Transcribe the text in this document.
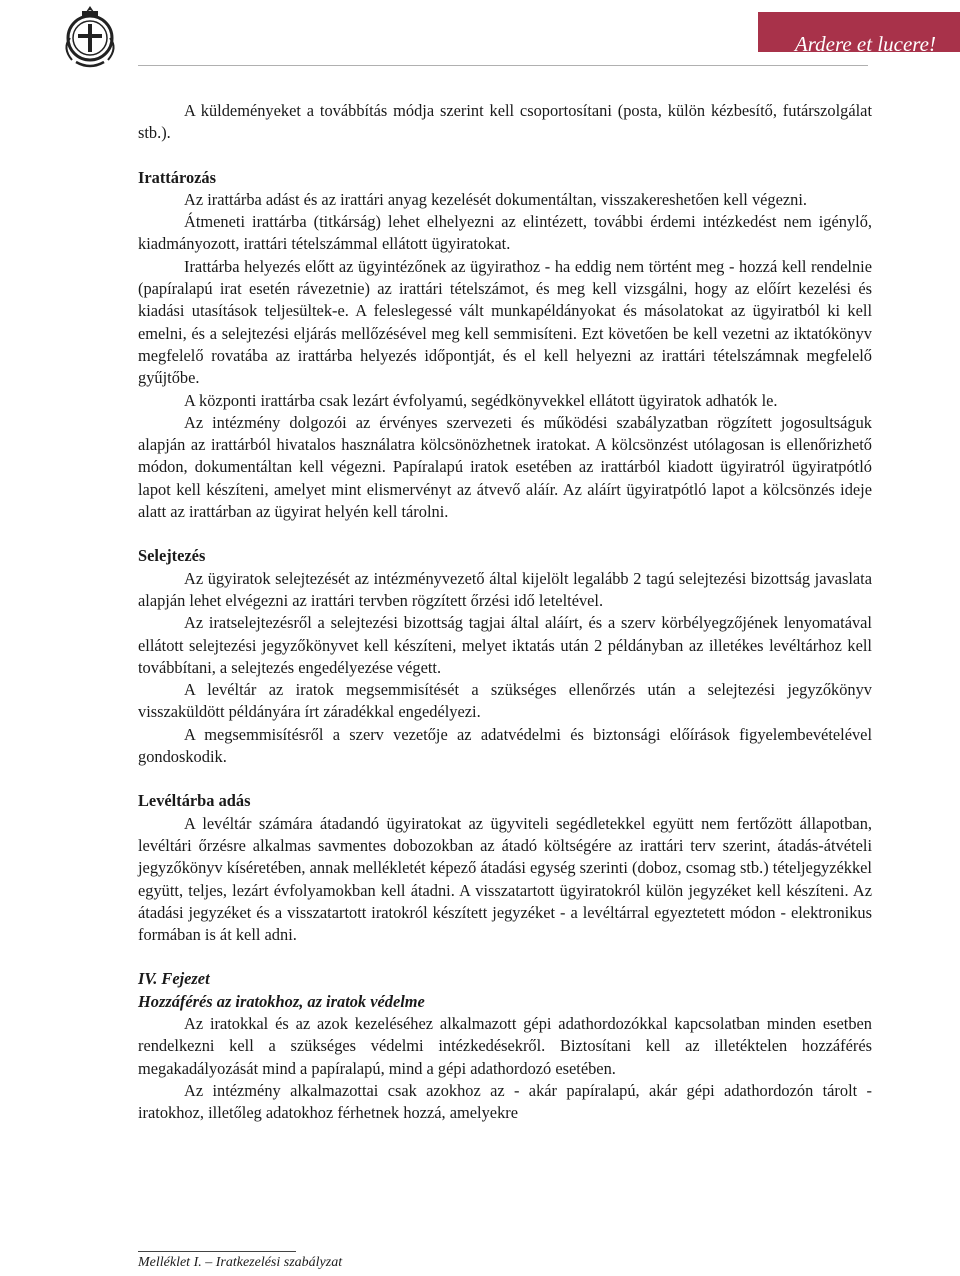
Ardere et lucere!

A küldeményeket a továbbítás módja szerint kell csoportosítani (posta, külön kézbesítő, futárszolgálat stb.).

Irattározás

Az irattárba adást és az irattári anyag kezelését dokumentáltan, visszakereshetően kell végezni.

Átmeneti irattárba (titkárság) lehet elhelyezni az elintézett, további érdemi intézkedést nem igénylő, kiadmányozott, irattári tételszámmal ellátott ügyiratokat.

Irattárba helyezés előtt az ügyintézőnek az ügyirathoz - ha eddig nem történt meg - hozzá kell rendelnie (papíralapú irat esetén rávezetnie) az irattári tételszámot, és meg kell vizsgálni, hogy az előírt kezelési és kiadási utasítások teljesültek-e. A feleslegessé vált munkapéldányokat és másolatokat az ügyiratból ki kell emelni, és a selejtezési eljárás mellőzésével meg kell semmisíteni. Ezt követően be kell vezetni az iktatókönyv megfelelő rovatába az irattárba helyezés időpontját, és el kell helyezni az irattári tételszámnak megfelelő gyűjtőbe.

A központi irattárba csak lezárt évfolyamú, segédkönyvekkel ellátott ügyiratok adhatók le.

Az intézmény dolgozói az érvényes szervezeti és működési szabályzatban rögzített jogosultságuk alapján az irattárból hivatalos használatra kölcsönözhetnek iratokat. A kölcsönzést utólagosan is ellenőrizhető módon, dokumentáltan kell végezni. Papíralapú iratok esetében az irattárból kiadott ügyiratról ügyiratpótló lapot kell készíteni, amelyet mint elismervényt az átvevő aláír. Az aláírt ügyiratpótló lapot a kölcsönzés ideje alatt az irattárban az ügyirat helyén kell tárolni.

Selejtezés

Az ügyiratok selejtezését az intézményvezető által kijelölt legalább 2 tagú selejtezési bizottság javaslata alapján lehet elvégezni az irattári tervben rögzített őrzési idő leteltével.

Az iratselejtezésről a selejtezési bizottság tagjai által aláírt, és a szerv körbélyegzőjének lenyomatával ellátott selejtezési jegyzőkönyvet kell készíteni, melyet iktatás után 2 példányban az illetékes levéltárhoz kell továbbítani, a selejtezés engedélyezése végett.

A levéltár az iratok megsemmisítését a szükséges ellenőrzés után a selejtezési jegyzőkönyv visszaküldött példányára írt záradékkal engedélyezi.

A megsemmisítésről a szerv vezetője az adatvédelmi és biztonsági előírások figyelembevételével gondoskodik.

Levéltárba adás

A levéltár számára átadandó ügyiratokat az ügyviteli segédletekkel együtt nem fertőzött állapotban, levéltári őrzésre alkalmas savmentes dobozokban az átadó költségére az irattári terv szerint, átadás-átvételi jegyzőkönyv kíséretében, annak mellékletét képező átadási egység szerinti (doboz, csomag stb.) tételjegyzékkel együtt, teljes, lezárt évfolyamokban kell átadni. A visszatartott ügyiratokról külön jegyzéket kell készíteni. Az átadási jegyzéket és a visszatartott iratokról készített jegyzéket - a levéltárral egyeztetett módon - elektronikus formában is át kell adni.

IV. Fejezet

Hozzáférés az iratokhoz, az iratok védelme

Az iratokkal és az azok kezeléséhez alkalmazott gépi adathordozókkal kapcsolatban minden esetben rendelkezni kell a szükséges védelmi intézkedésekről. Biztosítani kell az illetéktelen hozzáférés megakadályozását mind a papíralapú, mind a gépi adathordozó esetében.

Az intézmény alkalmazottai csak azokhoz az - akár papíralapú, akár gépi adathordozón tárolt - iratokhoz, illetőleg adatokhoz férhetnek hozzá, amelyekre

Melléklet I. – Iratkezelési szabályzat
